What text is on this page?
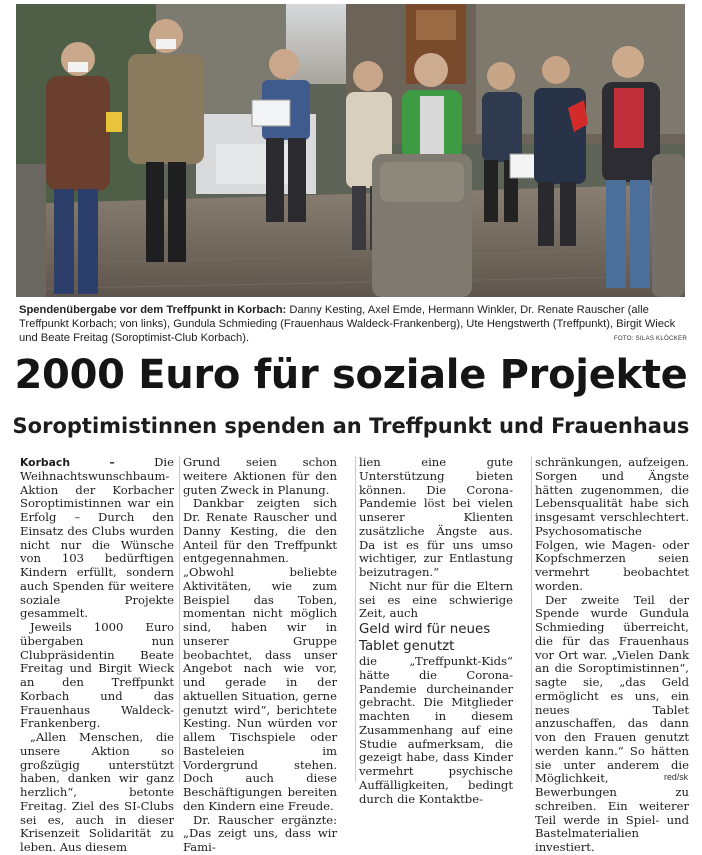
Spendenübergabe vor dem Treffpunkt in Korbach: Danny Kesting, Axel Emde, Hermann Winkler, Dr. Renate Rauscher (alle Treffpunkt Korbach; von links), Gundula Schmieding (Frauenhaus Waldeck-Frankenberg), Ute Hengstwerth (Treffpunkt), Birgit Wieck und Beate Freitag (Soroptimist-Club Korbach).	FOTO: SILAS KLÖCKER
2000 Euro für soziale Projekte
Soroptimistinnen spenden an Treffpunkt und Frauenhaus

Korbach – Die Weihnachtswunschbaum-Aktion der Korbacher Soroptimistinnen war ein Erfolg – Durch den Einsatz des Clubs wurden nicht nur die Wünsche von 103 bedürftigen Kindern erfüllt, sondern auch Spenden für weitere soziale Projekte gesammelt.

Jeweils 1000 Euro übergaben nun Clubpräsidentin Beate Freitag und Birgit Wieck an den Treffpunkt Korbach und das Frauenhaus Waldeck-Frankenberg.

„Allen Menschen, die unsere Aktion so großzügig unterstützt haben, danken wir ganz herzlich“, betonte Freitag. Ziel des SI-Clubs sei es, auch in dieser Krisenzeit Solidarität zu leben. Aus diesem

Grund seien schon weitere Aktionen für den guten Zweck in Planung.

Dankbar zeigten sich Dr. Renate Rauscher und Danny Kesting, die den Anteil für den Treffpunkt entgegennahmen. „Obwohl beliebte Aktivitäten, wie zum Beispiel das Toben, momentan nicht möglich sind, haben wir in unserer Gruppe beobachtet, dass unser Angebot nach wie vor, und gerade in der aktuellen Situation, gerne genutzt wird“, berichtete Kesting. Nun würden vor allem Tischspiele oder Basteleien im Vordergrund stehen. Doch auch diese Beschäftigungen bereiten den Kindern eine Freude.

Dr. Rauscher ergänzte: „Das zeigt uns, dass wir Fami-

lien eine gute Unterstützung bieten können. Die Corona-Pandemie löst bei vielen unserer Klienten zusätzliche Ängste aus. Da ist es für uns umso wichtiger, zur Entlastung beizutragen.“

Nicht nur für die Eltern sei es eine schwierige Zeit, auch

Geld wird für neues Tablet genutzt

die „Treffpunkt-Kids“ hätte die Corona-Pandemie durcheinander gebracht. Die Mitglieder machten in diesem Zusammenhang auf eine Studie aufmerksam, die gezeigt habe, dass Kinder vermehrt psychische Auffälligkeiten, bedingt durch die Kontaktbe-

schränkungen, aufzeigen. Sorgen und Ängste hätten zugenommen, die Lebensqualität habe sich insgesamt verschlechtert. Psychosomatische Folgen, wie Magen- oder Kopfschmerzen seien vermehrt beobachtet worden.

Der zweite Teil der Spende wurde Gundula Schmieding überreicht, die für das Frauenhaus vor Ort war. „Vielen Dank an die Soroptimistinnen“, sagte sie, „das Geld ermöglicht es uns, ein neues Tablet anzuschaffen, das dann von den Frauen genutzt werden kann.“ So hätten sie unter anderem die Möglichkeit, Bewerbungen zu schreiben. Ein weiterer Teil werde in Spiel- und Bastelmaterialien investiert.

red/sk
